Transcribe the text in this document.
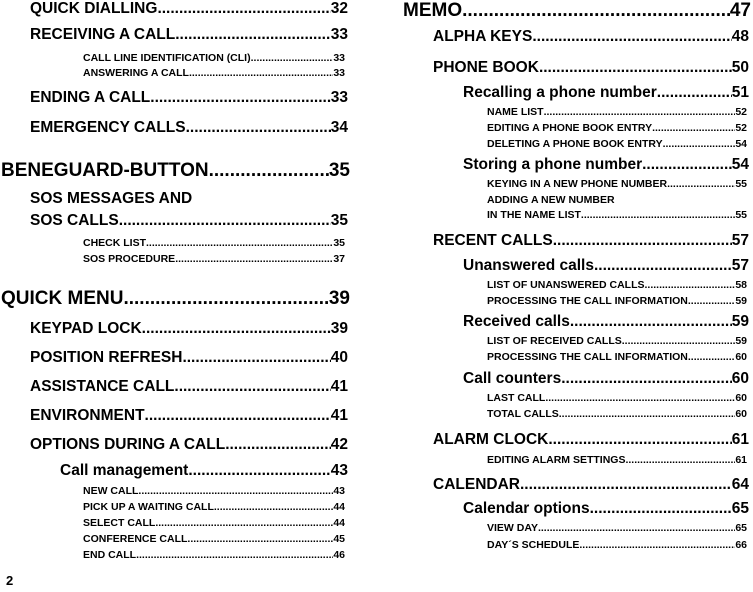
QUICK DIALLING .....	32
RECEIVING A CALL .....	33
CALL LINE IDENTIFICATION (CLI) .....	33
ANSWERING A CALL .....	33
ENDING A CALL .....	33
EMERGENCY CALLS .....	34
BENEGUARD-BUTTON .....	35
SOS MESSAGES AND
SOS CALLS .....	35
CHECK LIST .....	35
SOS PROCEDURE .....	37
QUICK MENU .....	39
KEYPAD LOCK .....	39
POSITION REFRESH .....	40
ASSISTANCE CALL .....	41
ENVIRONMENT .....	41
OPTIONS DURING A CALL .....	42
Call management .....	43
NEW CALL .....	43
PICK UP A WAITING CALL .....	44
SELECT CALL .....	44
CONFERENCE CALL .....	45
END CALL .....	46
2
MEMO .....	47
ALPHA KEYS .....	48
PHONE BOOK .....	50
Recalling a phone number .....	51
NAME LIST .....	52
EDITING A PHONE BOOK ENTRY .....	52
DELETING A PHONE BOOK ENTRY .....	54
Storing a phone number .....	54
KEYING IN A NEW PHONE NUMBER .....	55
ADDING A NEW NUMBER
IN THE NAME LIST .....	55
RECENT CALLS .....	57
Unanswered calls .....	57
LIST OF UNANSWERED CALLS .....	58
PROCESSING THE CALL INFORMATION .....	59
Received calls .....	59
LIST OF RECEIVED CALLS .....	59
PROCESSING THE CALL INFORMATION .....	60
Call counters .....	60
LAST CALL .....	60
TOTAL CALLS .....	60
ALARM CLOCK .....	61
EDITING ALARM SETTINGS .....	61
CALENDAR .....	64
Calendar options .....	65
VIEW DAY .....	65
DAY´S SCHEDULE .....	66
